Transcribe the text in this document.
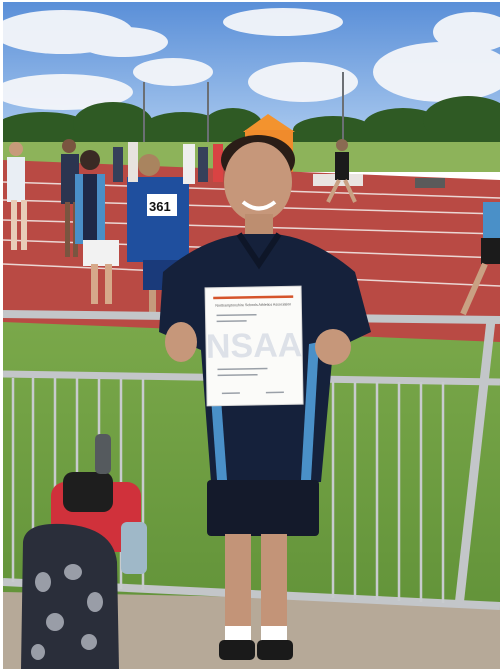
361
Northamptonshire Schools Athletics Association
NSAA
